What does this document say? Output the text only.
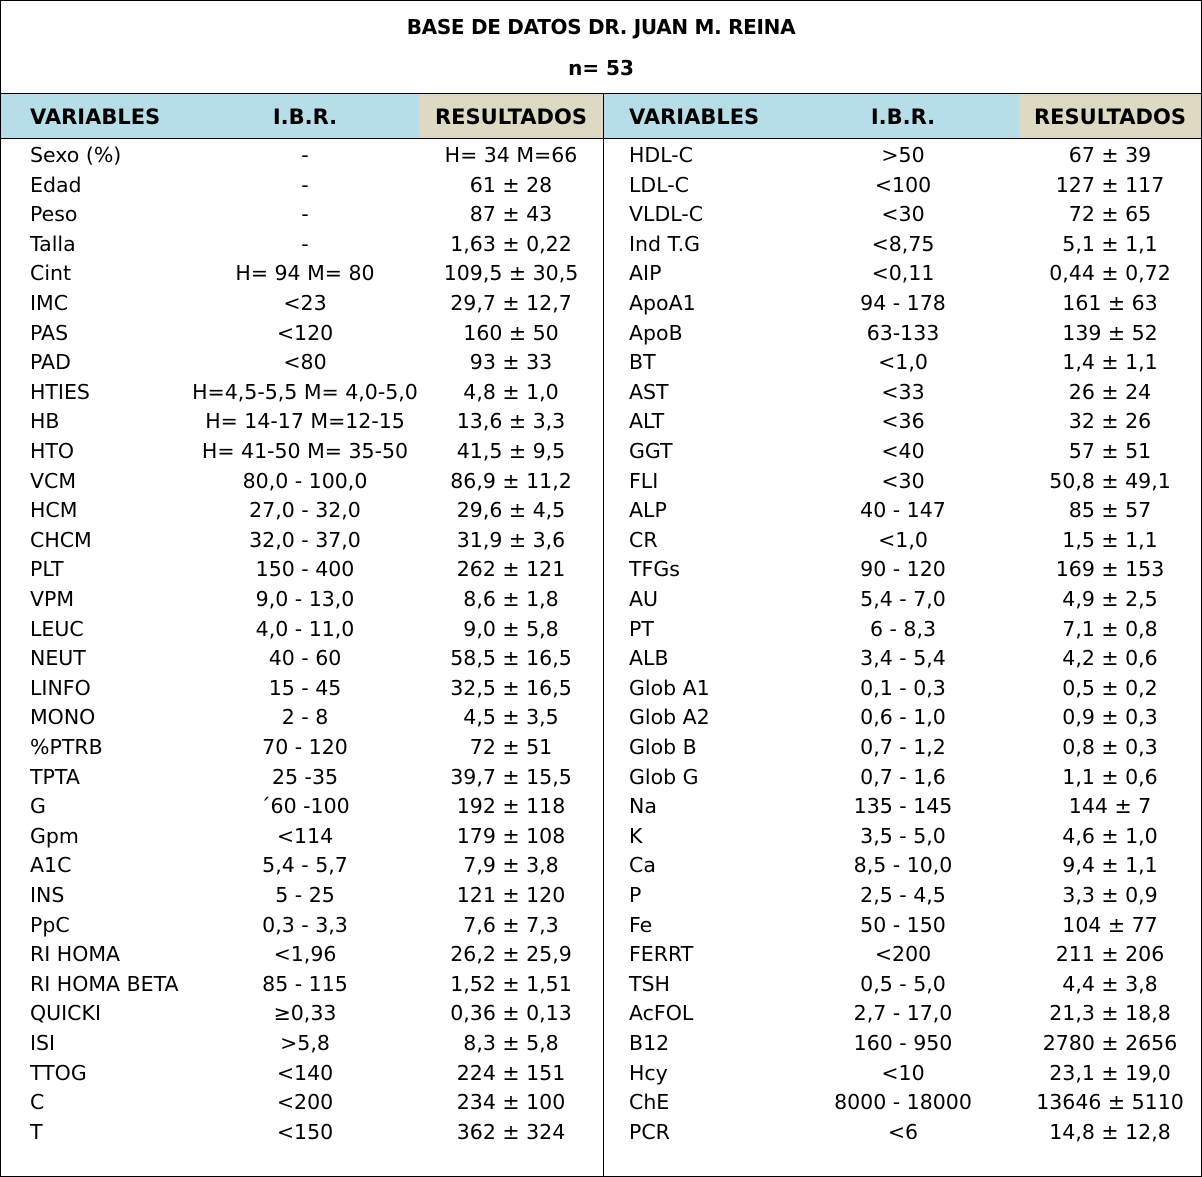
BASE DE DATOS DR. JUAN M. REINA
n= 53
VARIABLES	I.B.R.	RESULTADOS	VARIABLES	I.B.R.	RESULTADOS
Sexo (%)	-	H= 34 M=66	HDL-C	>50	67 ± 39
Edad	-	61 ± 28	LDL-C	<100	127 ± 117
Peso	-	87 ± 43	VLDL-C	<30	72 ± 65
Talla	-	1,63 ± 0,22	Ind T.G	<8,75	5,1 ± 1,1
Cint	H= 94 M= 80	109,5 ± 30,5	AIP	<0,11	0,44 ± 0,72
IMC	<23	29,7 ± 12,7	ApoA1	94 - 178	161 ± 63
PAS	<120	160 ± 50	ApoB	63-133	139 ± 52
PAD	<80	93 ± 33	BT	<1,0	1,4 ± 1,1
HTIES	H=4,5-5,5 M= 4,0-5,0	4,8 ± 1,0	AST	<33	26 ± 24
HB	H= 14-17 M=12-15	13,6 ± 3,3	ALT	<36	32 ± 26
HTO	H= 41-50 M= 35-50	41,5 ± 9,5	GGT	<40	57 ± 51
VCM	80,0 - 100,0	86,9 ± 11,2	FLI	<30	50,8 ± 49,1
HCM	27,0 - 32,0	29,6 ± 4,5	ALP	40 - 147	85 ± 57
CHCM	32,0 - 37,0	31,9 ± 3,6	CR	<1,0	1,5 ± 1,1
PLT	150 - 400	262 ± 121	TFGs	90 - 120	169 ± 153
VPM	9,0 - 13,0	8,6 ± 1,8	AU	5,4 - 7,0	4,9 ± 2,5
LEUC	4,0 - 11,0	9,0 ± 5,8	PT	6 - 8,3	7,1 ± 0,8
NEUT	40 - 60	58,5 ± 16,5	ALB	3,4 - 5,4	4,2 ± 0,6
LINFO	15 - 45	32,5 ± 16,5	Glob A1	0,1 - 0,3	0,5 ± 0,2
MONO	2 - 8	4,5 ± 3,5	Glob A2	0,6 - 1,0	0,9 ± 0,3
%PTRB	70 - 120	72 ± 51	Glob B	0,7 - 1,2	0,8 ± 0,3
TPTA	25 -35	39,7 ± 15,5	Glob G	0,7 - 1,6	1,1 ± 0,6
G	´60 -100	192 ± 118	Na	135 - 145	144 ± 7
Gpm	<114	179 ± 108	K	3,5 - 5,0	4,6 ± 1,0
A1C	5,4 - 5,7	7,9 ± 3,8	Ca	8,5 - 10,0	9,4 ± 1,1
INS	5 - 25	121 ± 120	P	2,5 - 4,5	3,3 ± 0,9
PpC	0,3 - 3,3	7,6 ± 7,3	Fe	50 - 150	104 ± 77
RI HOMA	<1,96	26,2 ± 25,9	FERRT	<200	211 ± 206
RI HOMA BETA	85 - 115	1,52 ± 1,51	TSH	0,5 - 5,0	4,4 ± 3,8
QUICKI	≥0,33	0,36 ± 0,13	AcFOL	2,7 - 17,0	21,3 ± 18,8
ISI	>5,8	8,3 ± 5,8	B12	160 - 950	2780 ± 2656
TTOG	<140	224 ± 151	Hcy	<10	23,1 ± 19,0
C	<200	234 ± 100	ChE	8000 - 18000	13646 ± 5110
T	<150	362 ± 324	PCR	<6	14,8 ± 12,8
